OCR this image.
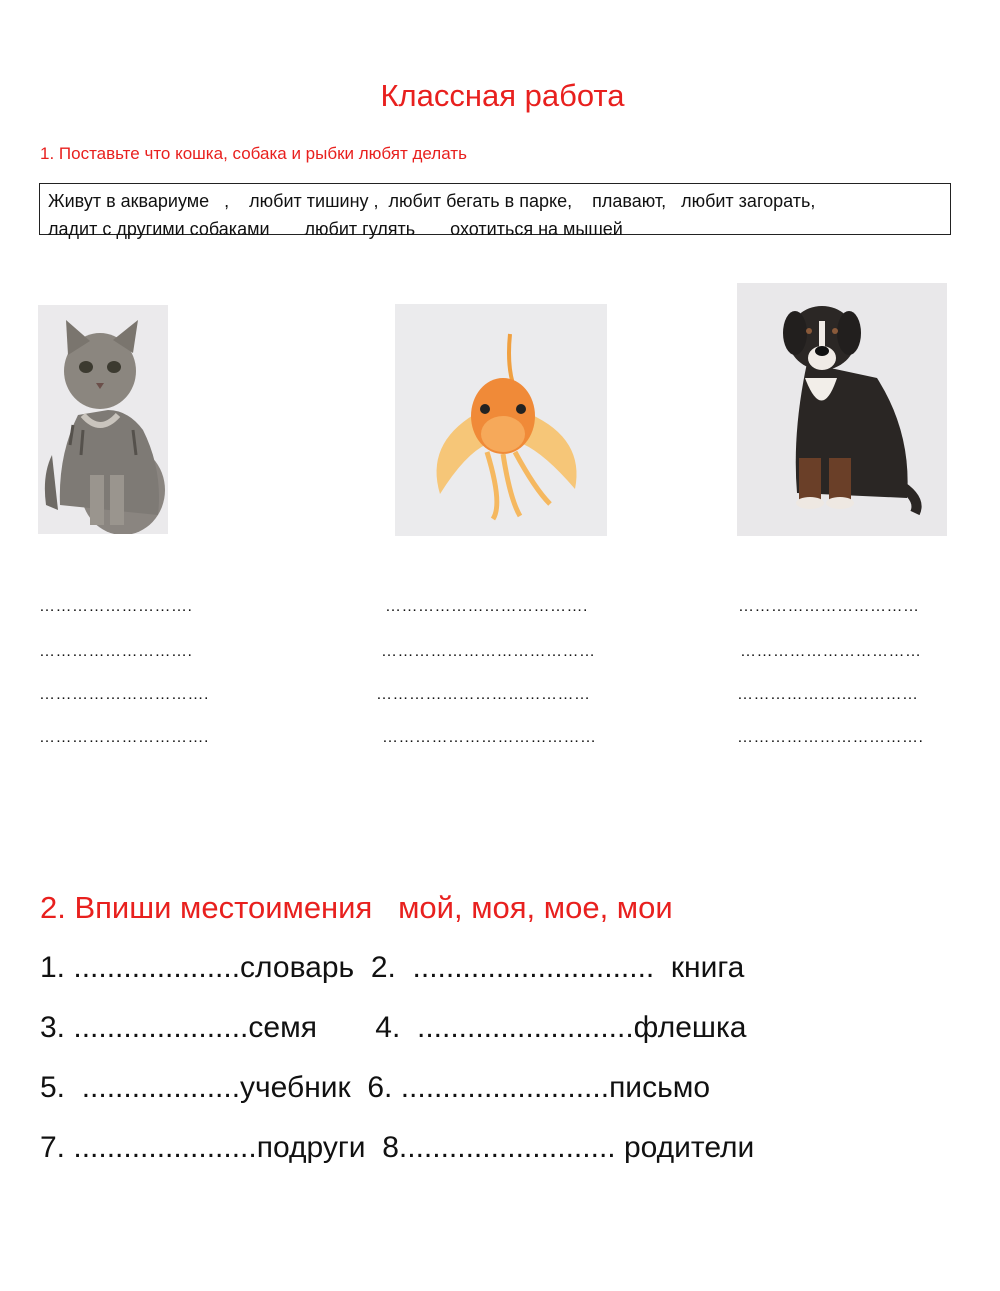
Классная работа
1. Поставьте что кошка, собака и рыбки любят делать
Живут в аквариуме   ,    любит тишину ,  любит бегать в парке,    плавают,   любит загорать,
ладит с другими собаками       любит гулять       охотиться на мышей
……………………….
……………………….
………………………….
………………………….
……………………………….
…………………………………
…………………………………
…………………………………
……………………………
……………………………
……………………………
…………………………….
2. Впиши местоимения   мой, моя, мое, мои
1. ....................словарь  2.  .............................  книга
3. .....................семя       4.  ..........................флешка
5.  ...................учебник  6. .........................письмо
7. ......................подруги  8.......................... родители
